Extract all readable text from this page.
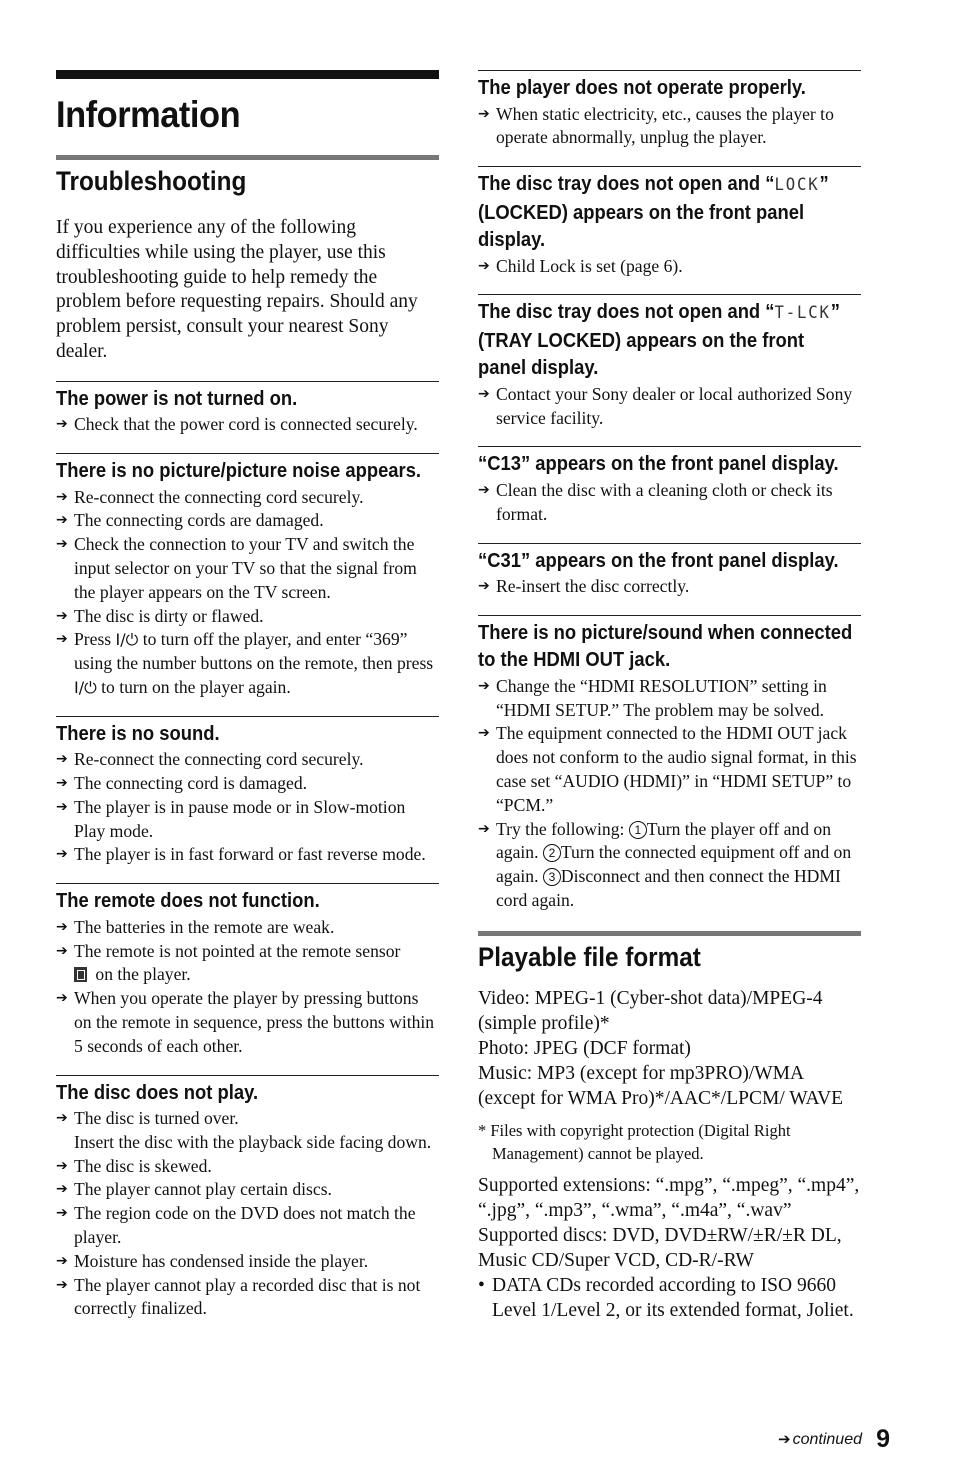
Information
Troubleshooting

If you experience any of the following difficulties while using the player, use this troubleshooting guide to help remedy the problem before requesting repairs. Should any problem persist, consult your nearest Sony dealer.

The power is not turned on.
➔ Check that the power cord is connected securely.
There is no picture/picture noise appears.
➔ Re-connect the connecting cord securely.
➔ The connecting cords are damaged.
➔ Check the connection to your TV and switch the input selector on your TV so that the signal from the player appears on the TV screen.
➔ The disc is dirty or flawed.
➔ Press I/⏻ to turn off the player, and enter “369” using the number buttons on the remote, then press I/⏻ to turn on the player again.
There is no sound.
➔ Re-connect the connecting cord securely.
➔ The connecting cord is damaged.
➔ The player is in pause mode or in Slow-motion Play mode.
➔ The player is in fast forward or fast reverse mode.
The remote does not function.
➔ The batteries in the remote are weak.
➔ The remote is not pointed at the remote sensor
on the player.
➔ When you operate the player by pressing buttons on the remote in sequence, press the buttons within 5 seconds of each other.
The disc does not play.
➔ The disc is turned over.
Insert the disc with the playback side facing down.
➔ The disc is skewed.
➔ The player cannot play certain discs.
➔ The region code on the DVD does not match the player.
➔ Moisture has condensed inside the player.
➔ The player cannot play a recorded disc that is not correctly finalized.
The player does not operate properly.
➔ When static electricity, etc., causes the player to operate abnormally, unplug the player.
The disc tray does not open and “LOCK” (LOCKED) appears on the front panel display.
➔ Child Lock is set (page 6).
The disc tray does not open and “T-LCK” (TRAY LOCKED) appears on the front panel display.
➔ Contact your Sony dealer or local authorized Sony service facility.
“C13” appears on the front panel display.
➔ Clean the disc with a cleaning cloth or check its format.
“C31” appears on the front panel display.
➔ Re-insert the disc correctly.
There is no picture/sound when connected to the HDMI OUT jack.
➔ Change the “HDMI RESOLUTION” setting in “HDMI SETUP.” The problem may be solved.
➔ The equipment connected to the HDMI OUT jack does not conform to the audio signal format, in this case set “AUDIO (HDMI)” in “HDMI SETUP” to “PCM.”
➔ Try the following: 1 Turn the player off and on again. 2 Turn the connected equipment off and on again. 3 Disconnect and then connect the HDMI cord again.
Playable file format

Video: MPEG-1 (Cyber-shot data)/MPEG-4 (simple profile)*

Photo: JPEG (DCF format)

Music: MP3 (except for mp3PRO)/WMA (except for WMA Pro)*/AAC*/LPCM/ WAVE

* Files with copyright protection (Digital Right Management) cannot be played.

Supported extensions: “.mpg”, “.mpeg”, “.mp4”, “.jpg”, “.mp3”, “.wma”, “.m4a”, “.wav”

Supported discs: DVD, DVD±RW/±R/±R DL, Music CD/Super VCD, CD-R/-RW

• DATA CDs recorded according to ISO 9660 Level 1/Level 2, or its extended format, Joliet.
➔ continued 9
